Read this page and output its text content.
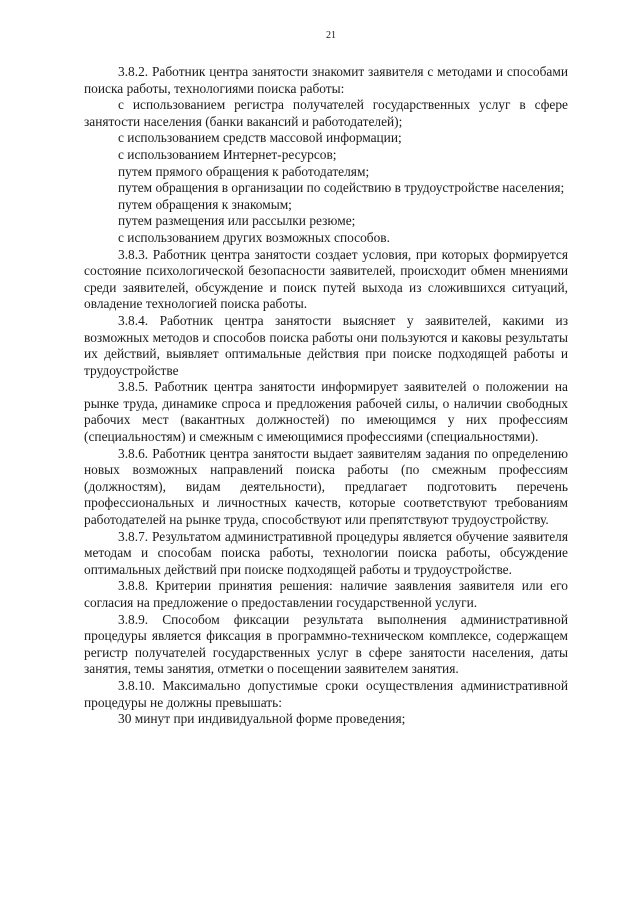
21

3.8.2. Работник центра занятости знакомит заявителя с методами и способами поиска работы, технологиями поиска работы:

с использованием регистра получателей государственных услуг в сфере занятости населения (банки вакансий и работодателей);

с использованием средств массовой информации;

с использованием Интернет-ресурсов;

путем прямого обращения к работодателям;

путем обращения в организации по содействию в трудоустройстве населения;

путем обращения к знакомым;

путем размещения или рассылки резюме;

с использованием других возможных способов.

3.8.3. Работник центра занятости создает условия, при которых формируется состояние психологической безопасности заявителей, происходит обмен мнениями среди заявителей, обсуждение и поиск путей выхода из сложившихся ситуаций, овладение технологией поиска работы.

3.8.4. Работник центра занятости выясняет у заявителей, какими из возможных методов и способов поиска работы они пользуются и каковы результаты их действий, выявляет оптимальные действия при поиске подходящей работы и трудоустройстве

3.8.5. Работник центра занятости информирует заявителей о положении на рынке труда, динамике спроса и предложения рабочей силы, о наличии свободных рабочих мест (вакантных должностей) по имеющимся у них профессиям (специальностям) и смежным с имеющимися профессиями (специальностями).

3.8.6. Работник центра занятости выдает заявителям задания по определению новых возможных направлений поиска работы (по смежным профессиям (должностям), видам деятельности), предлагает подготовить перечень профессиональных и личностных качеств, которые соответствуют требованиям работодателей на рынке труда, способствуют или препятствуют трудоустройству.

3.8.7. Результатом административной процедуры является обучение заявителя методам и способам поиска работы, технологии поиска работы, обсуждение оптимальных действий при поиске подходящей работы и трудоустройстве.

3.8.8. Критерии принятия решения: наличие заявления заявителя или его согласия на предложение о предоставлении государственной услуги.

3.8.9. Способом фиксации результата выполнения административной процедуры является фиксация в программно-техническом комплексе, содержащем регистр получателей государственных услуг в сфере занятости населения, даты занятия, темы занятия, отметки о посещении заявителем занятия.

3.8.10. Максимально допустимые сроки осуществления административной процедуры не должны превышать:

30 минут при индивидуальной форме проведения;
